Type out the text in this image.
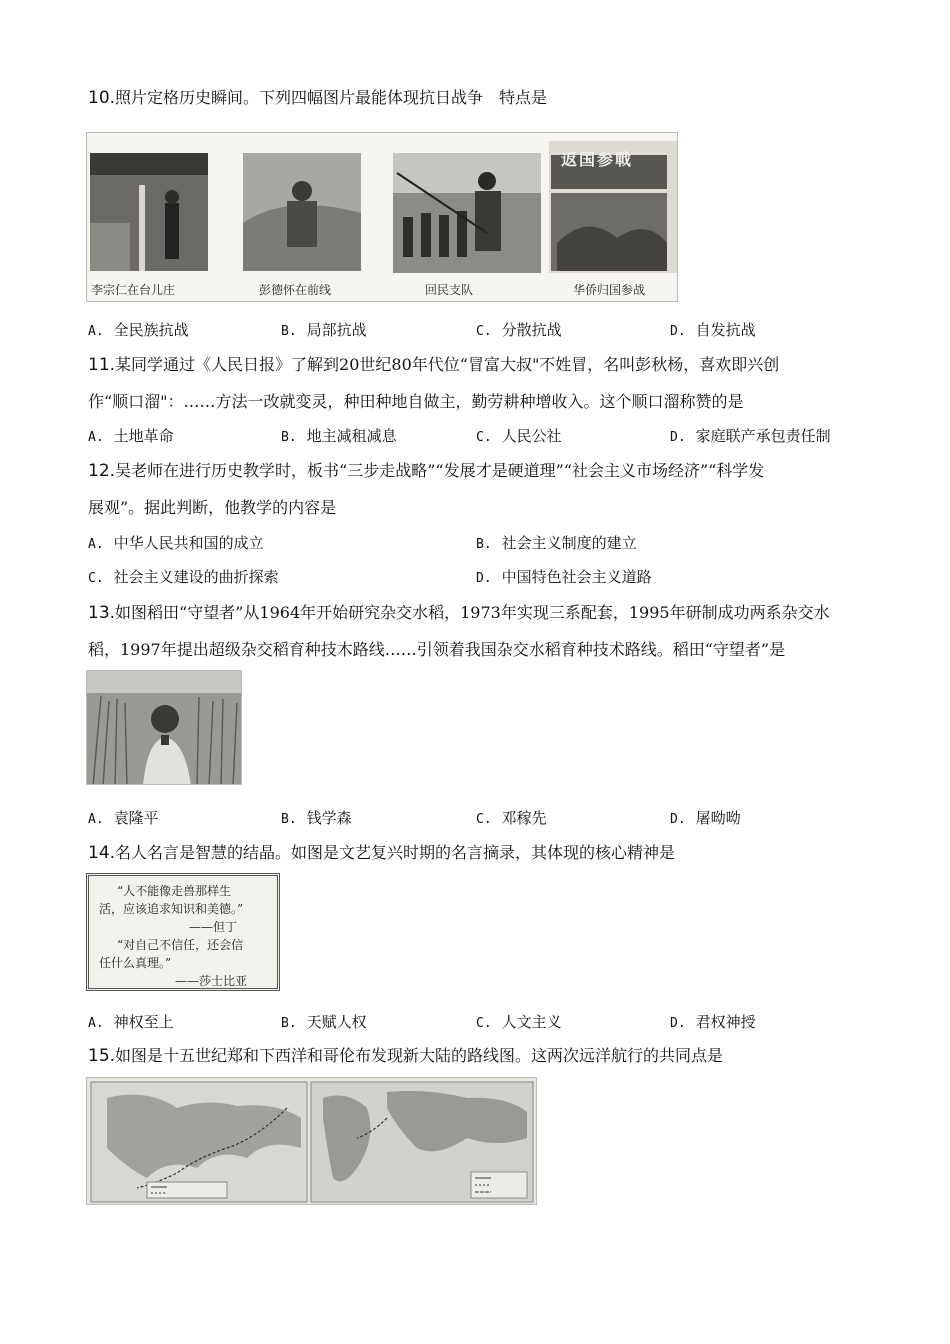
10.照片定格历史瞬间。下列四幅图片最能体现抗日战争　特点是
返国参戰
李宗仁在台儿庄	彭德怀在前线	回民支队	华侨归国参战
A. 全民族抗战	B. 局部抗战	C. 分散抗战	D. 自发抗战
11.某同学通过《人民日报》了解到20世纪80年代位“冒富大叔"不姓冒，名叫彭秋杨，喜欢即兴创
作“顺口溜"：……方法一改就变灵，种田种地自做主，勤劳耕种增收入。这个顺口溜称赞的是
A. 土地革命	B. 地主减租减息	C. 人民公社	D. 家庭联产承包责任制
12.吴老师在进行历史教学时，板书“三步走战略”“发展才是硬道理”“社会主义市场经济”“科学发
展观”。据此判断，他教学的内容是
A. 中华人民共和国的成立	B. 社会主义制度的建立
C. 社会主义建设的曲折探索	D. 中国特色社会主义道路
13.如图稻田“守望者”从1964年开始研究杂交水稻，1973年实现三系配套，1995年研制成功两系杂交水
稻，1997年提出超级杂交稻育种技木路线……引领着我国杂交水稻育种技术路线。稻田“守望者”是
A. 袁隆平	B. 钱学森	C. 邓稼先	D. 屠呦呦
14.名人名言是智慧的结晶。如图是文艺复兴时期的名言摘录，其体现的核心精神是

“人不能像走兽那样生

活，应该追求知识和美德。”

——但丁

“对自己不信任，还会信

任什么真理。”

——莎士比亚

A. 神权至上	B. 天赋人权	C. 人文主义	D. 君权神授
15.如图是十五世纪郑和下西洋和哥伦布发现新大陆的路线图。这两次远洋航行的共同点是
